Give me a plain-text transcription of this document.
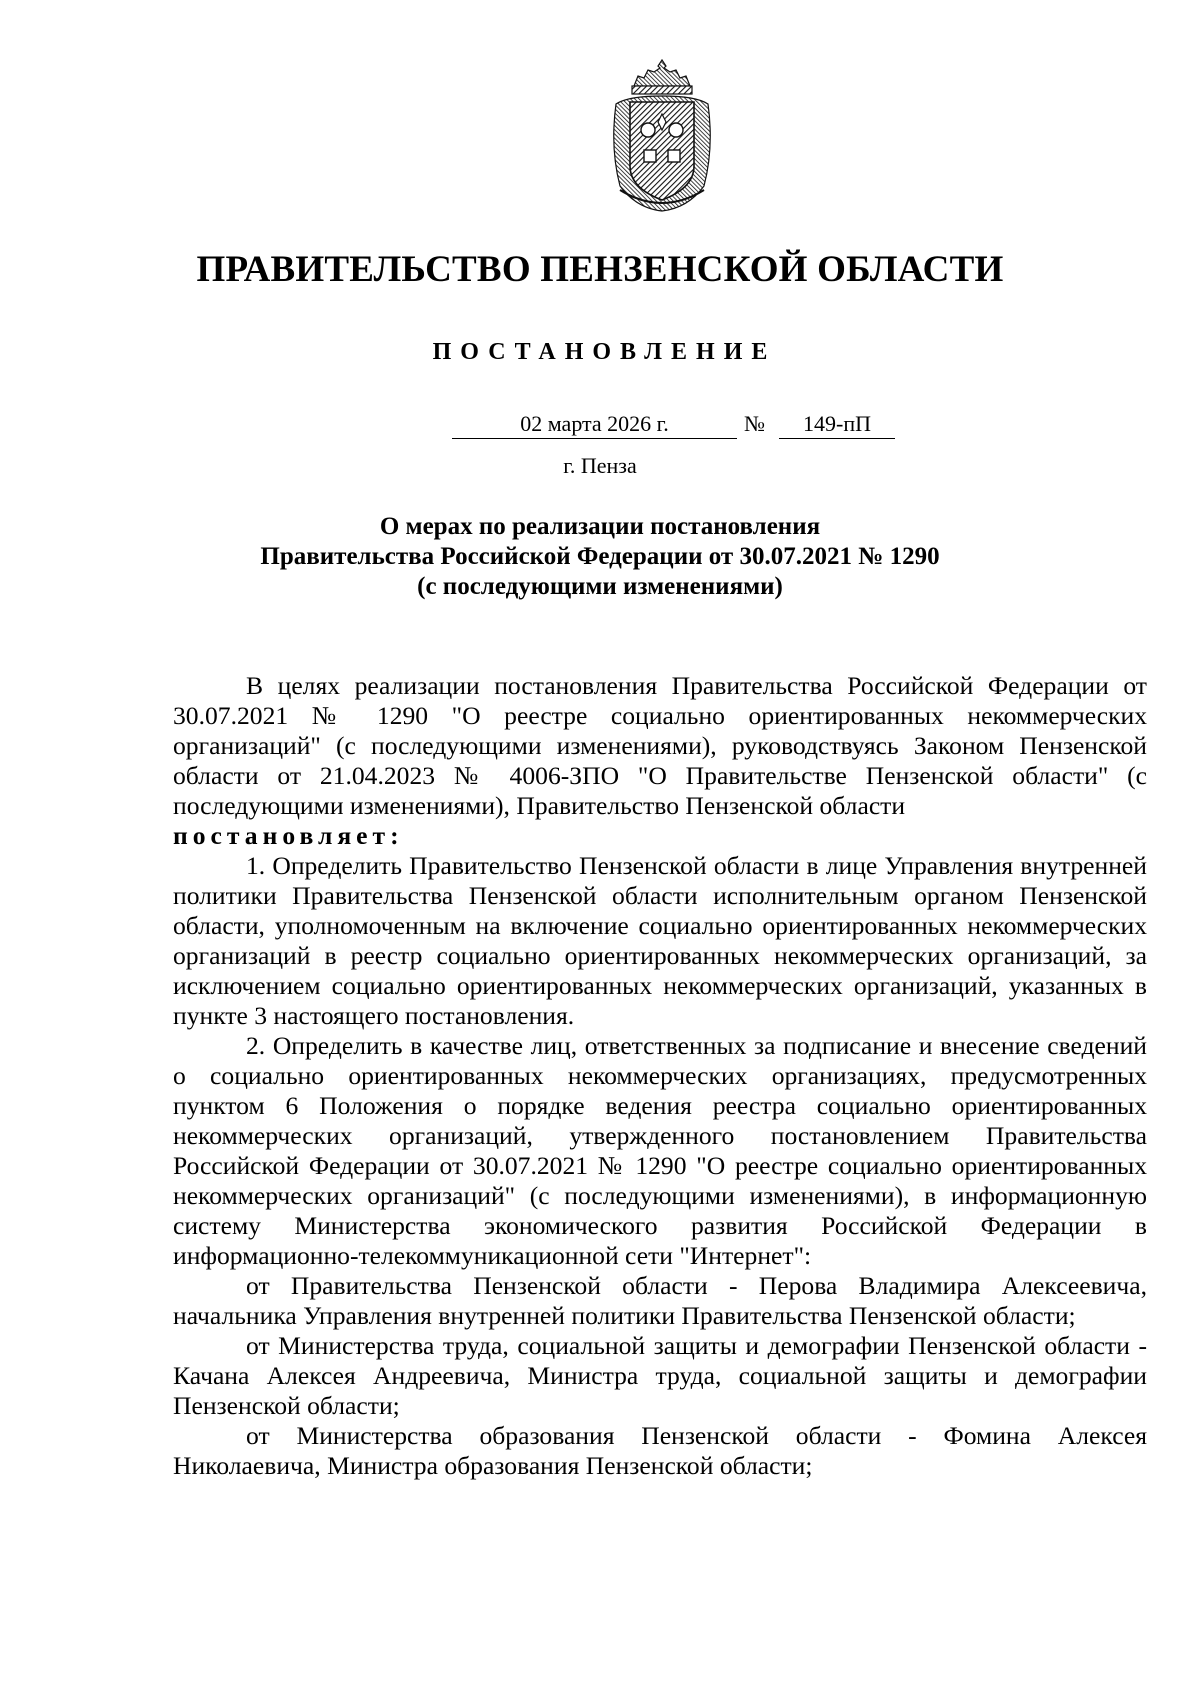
ПРАВИТЕЛЬСТВО ПЕНЗЕНСКОЙ ОБЛАСТИ
ПОСТАНОВЛЕНИЕ
02 марта 2026 г.	№	149-пП
г. Пенза
О мерах по реализации постановления
Правительства Российской Федерации от 30.07.2021 № 1290
(с последующими изменениями)

В целях реализации постановления Правительства Российской Федерации от 30.07.2021 № 1290 "О реестре социально ориентированных некоммерческих организаций" (с последующими изменениями), руководствуясь Законом Пензенской области от 21.04.2023 № 4006-ЗПО "О Правительстве Пензенской области" (с последующими изменениями), Правительство Пензенской области

постановляет:

1. Определить Правительство Пензенской области в лице Управления внутренней политики Правительства Пензенской области исполнительным органом Пензенской области, уполномоченным на включение социально ориентированных некоммерческих организаций в реестр социально ориентированных некоммерческих организаций, за исключением социально ориентированных некоммерческих организаций, указанных в пункте 3 настоящего постановления.

2. Определить в качестве лиц, ответственных за подписание и внесение сведений о социально ориентированных некоммерческих организациях, предусмотренных пунктом 6 Положения о порядке ведения реестра социально ориентированных некоммерческих организаций, утвержденного постановлением Правительства Российской Федерации от 30.07.2021 № 1290 "О реестре социально ориентированных некоммерческих организаций" (с последующими изменениями), в информационную систему Министерства экономического развития Российской Федерации в информационно-телекоммуникационной сети "Интернет":

от Правительства Пензенской области - Перова Владимира Алексеевича, начальника Управления внутренней политики Правительства Пензенской области;

от Министерства труда, социальной защиты и демографии Пензенской области - Качана Алексея Андреевича, Министра труда, социальной защиты и демографии Пензенской области;

от Министерства образования Пензенской области - Фомина Алексея Николаевича, Министра образования Пензенской области;
